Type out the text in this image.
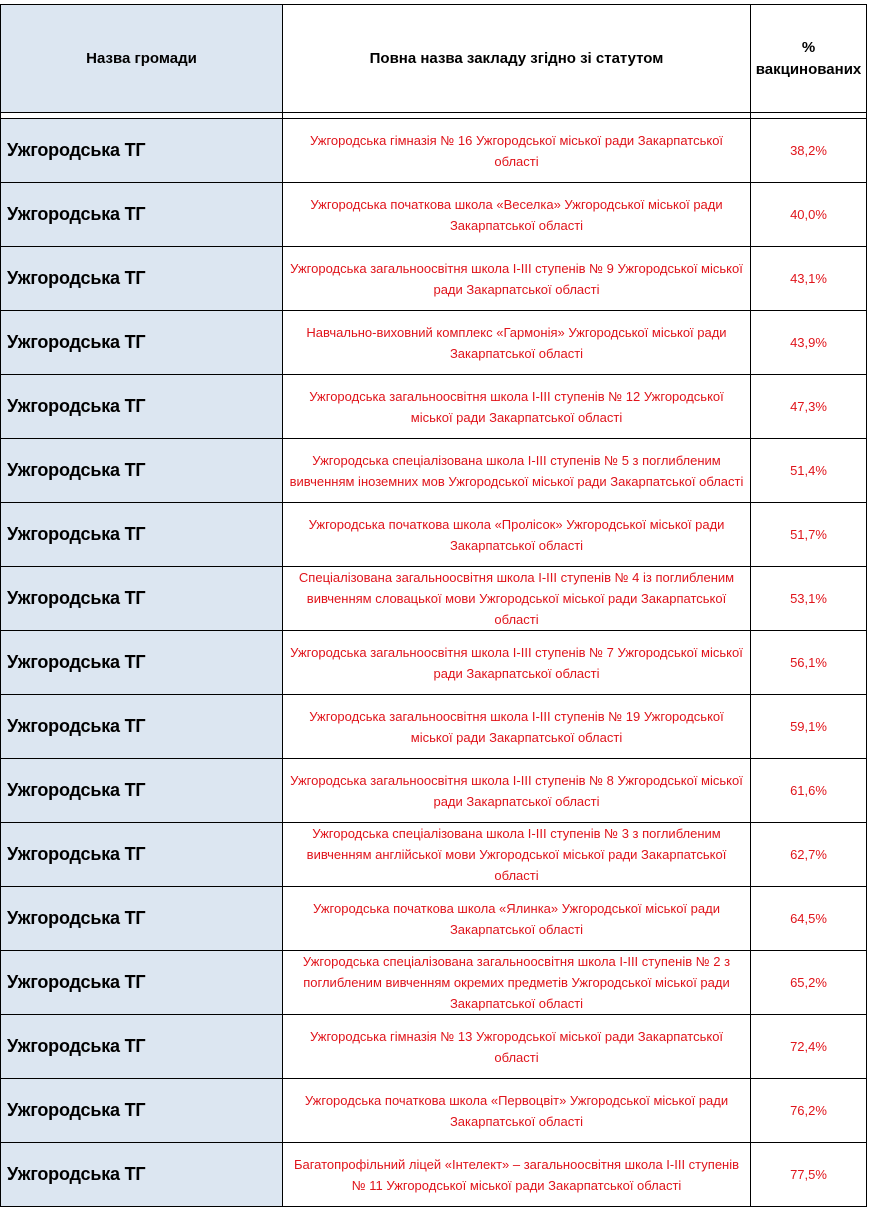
Назва громади	Повна назва закладу згідно зі статутом	% вакцинованих

Ужгородська ТГ	Ужгородська гімназія № 16 Ужгородської міської ради Закарпатської області	38,2%
Ужгородська ТГ	Ужгородська початкова школа «Веселка» Ужгородської міської ради Закарпатської області	40,0%
Ужгородська ТГ	Ужгородська загальноосвітня школа І-ІІІ ступенів № 9 Ужгородської міської ради Закарпатської області	43,1%
Ужгородська ТГ	Навчально-виховний комплекс «Гармонія» Ужгородської міської ради Закарпатської області	43,9%
Ужгородська ТГ	Ужгородська загальноосвітня школа І-ІІІ ступенів № 12 Ужгородської міської ради Закарпатської області	47,3%
Ужгородська ТГ	Ужгородська спеціалізована школа І-ІІІ ступенів № 5 з поглибленим вивченням іноземних мов Ужгородської міської ради Закарпатської області	51,4%
Ужгородська ТГ	Ужгородська початкова школа «Пролісок» Ужгородської міської ради Закарпатської області	51,7%
Ужгородська ТГ	Спеціалізована загальноосвітня школа І-ІІІ ступенів № 4 із поглибленим вивченням словацької мови Ужгородської міської ради Закарпатської області	53,1%
Ужгородська ТГ	Ужгородська загальноосвітня школа І-ІІІ ступенів № 7 Ужгородської міської ради Закарпатської області	56,1%
Ужгородська ТГ	Ужгородська загальноосвітня школа І-ІІІ ступенів № 19 Ужгородської міської ради Закарпатської області	59,1%
Ужгородська ТГ	Ужгородська загальноосвітня школа І-ІІІ ступенів № 8 Ужгородської міської ради Закарпатської області	61,6%
Ужгородська ТГ	Ужгородська спеціалізована школа І-ІІІ ступенів № 3 з поглибленим вивченням англійської мови Ужгородської міської ради Закарпатської області	62,7%
Ужгородська ТГ	Ужгородська початкова школа «Ялинка» Ужгородської міської ради Закарпатської області	64,5%
Ужгородська ТГ	Ужгородська спеціалізована загальноосвітня школа І-ІІІ ступенів № 2 з поглибленим вивченням окремих предметів Ужгородської міської ради Закарпатської області	65,2%
Ужгородська ТГ	Ужгородська гімназія № 13 Ужгородської міської ради Закарпатської області	72,4%
Ужгородська ТГ	Ужгородська початкова школа «Первоцвіт» Ужгородської міської ради Закарпатської області	76,2%
Ужгородська ТГ	Багатопрофільний ліцей «Інтелект» – загальноосвітня школа І-ІІІ ступенів № 11 Ужгородської міської ради Закарпатської області	77,5%
